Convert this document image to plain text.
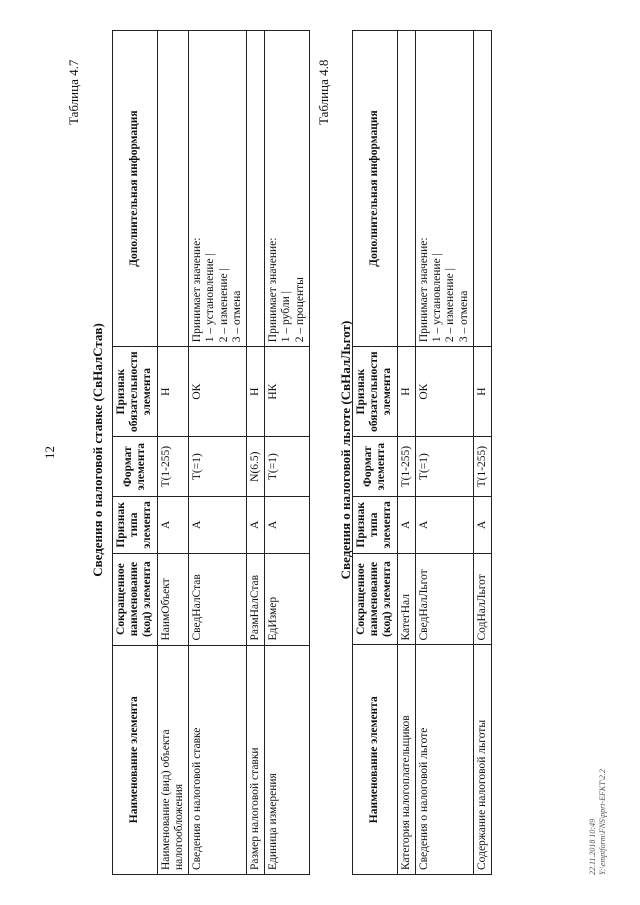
12
Таблица 4.7
Сведения о налоговой ставке (СвНалСтав)
Наименование элемента	Сокращенное наименование (код) элемента	Признак типа элемента	Формат элемента	Признак обязательности элемента	Дополнительная информация
Наименование (вид) объекта налогообложения	НаимОбъект	А	T(1-255)	Н	
Сведения о налоговой ставке	СведНалСтав	А	T(=1)	ОК	Принимает значение:
1 – установление |
2 – изменение |
3 – отмена
Размер налоговой ставки	РазмНалСтав	А	N(6.5)	Н	
Единица измерения	ЕдИзмер	А	T(=1)	НК	Принимает значение:
1 – рубли |
2 – проценты
Таблица 4.8
Сведения о налоговой льготе (СвНалЛьгот)
Наименование элемента	Сокращенное наименование (код) элемента	Признак типа элемента	Формат элемента	Признак обязательности элемента	Дополнительная информация
Категория налогоплательщиков	КатегНал	А	T(1-255)	Н	
Сведения о налоговой льготе	СведНалЛьгот	А	T(=1)	ОК	Принимает значение:
1 – установление |
2 – изменение |
3 – отмена
Содержание налоговой льготы	СодНалЛьгот	А	T(1-255)	Н	
22.11.2018 10:49 Y:\emptform\FNS\pprt-EFKT\2.2
